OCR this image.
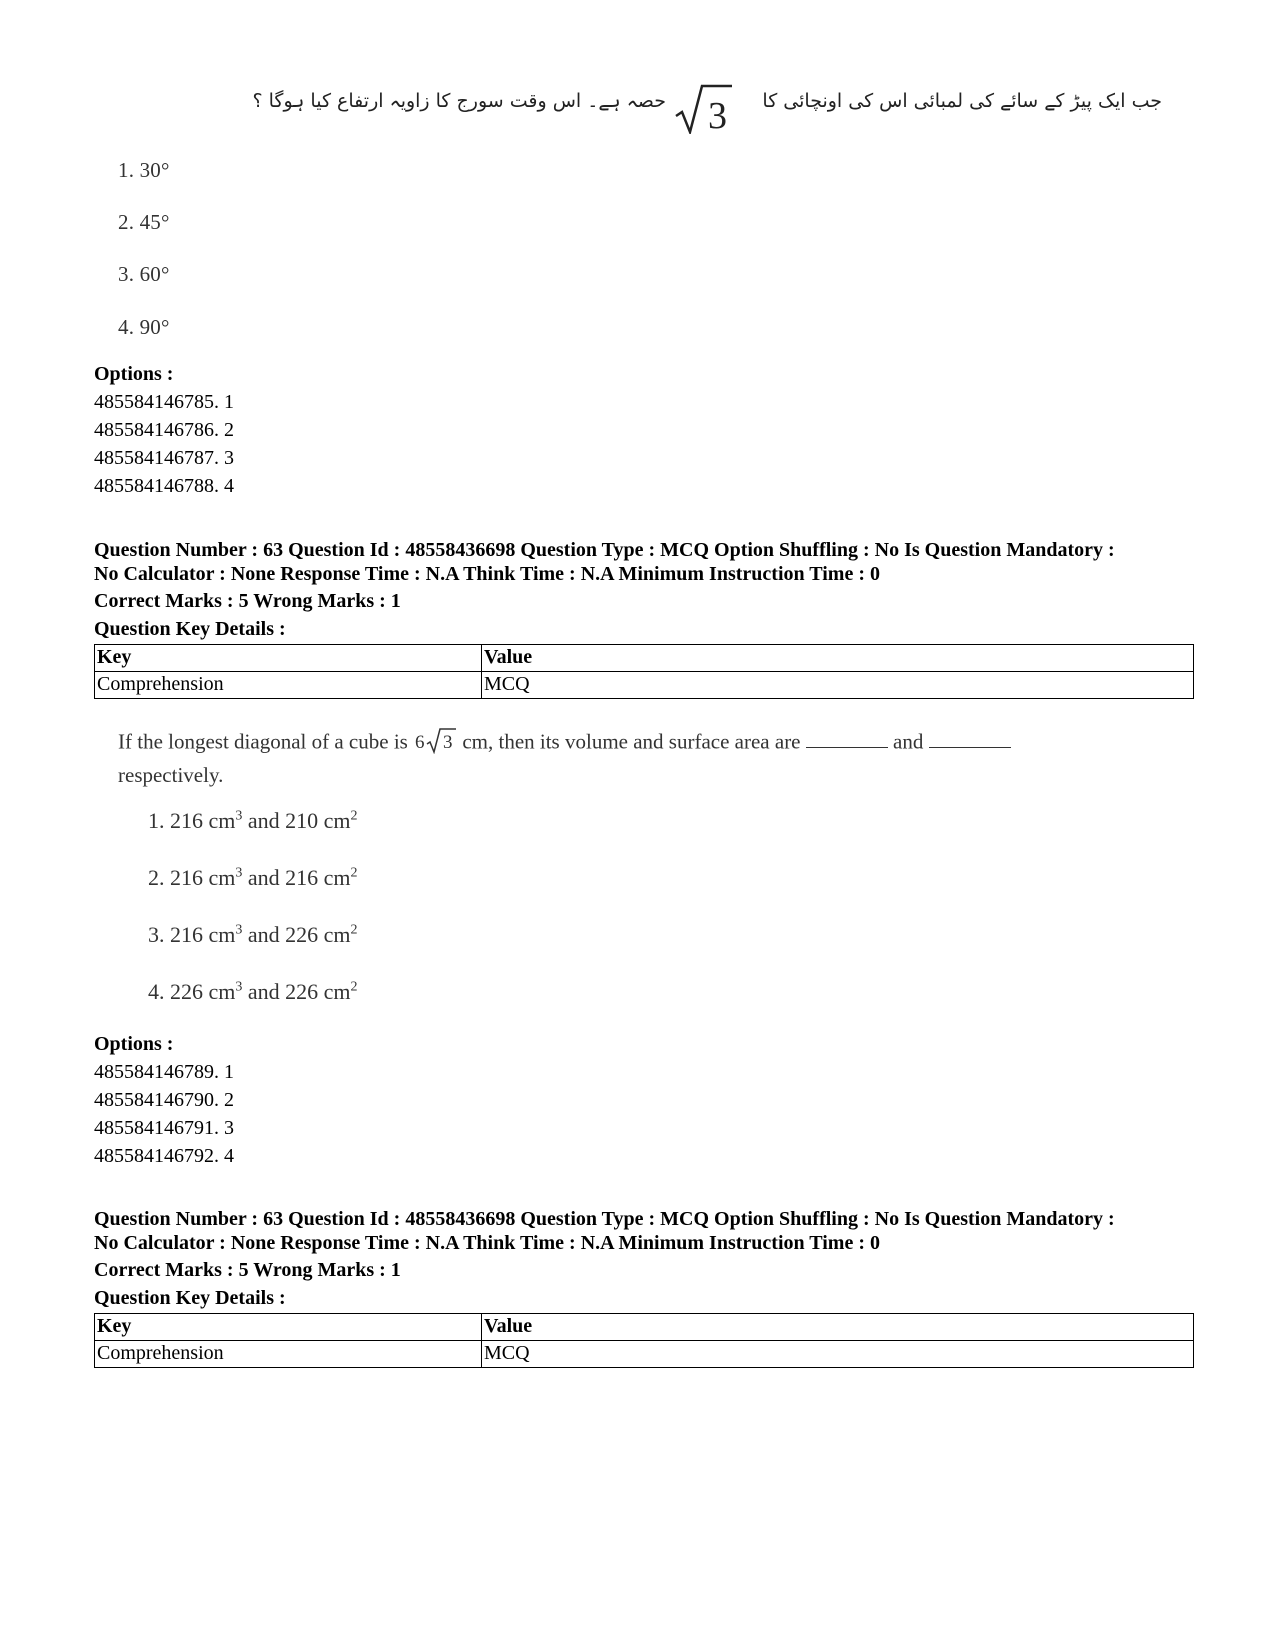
جب ایک پیڑ کے سائے کی لمبائی اس کی اونچائی کا
3
حصہ ہے۔ اس وقت سورج کا زاویہ ارتفاع کیا ہوگا ؟
1. 30°
2. 45°
3. 60°
4. 90°
Options :
485584146785. 1
485584146786. 2
485584146787. 3
485584146788. 4
Question Number : 63 Question Id : 48558436698 Question Type : MCQ Option Shuffling : No Is Question Mandatory :
No Calculator : None Response Time : N.A Think Time : N.A Minimum Instruction Time : 0
Correct Marks : 5 Wrong Marks : 1
Question Key Details :
Key	Value
Comprehension	MCQ
If the longest diagonal of a cube is 6 3 cm, then its volume and surface area are	and
respectively.
1. 216 $cm^3$ and 210 $cm^2$
2. 216 $cm^3$ and 216 $cm^2$
3. 216 $cm^3$ and 226 $cm^2$
4. 226 $cm^3$ and 226 $cm^2$
Options :
485584146789. 1
485584146790. 2
485584146791. 3
485584146792. 4
Question Number : 63 Question Id : 48558436698 Question Type : MCQ Option Shuffling : No Is Question Mandatory :
No Calculator : None Response Time : N.A Think Time : N.A Minimum Instruction Time : 0
Correct Marks : 5 Wrong Marks : 1
Question Key Details :
Key	Value
Comprehension	MCQ
